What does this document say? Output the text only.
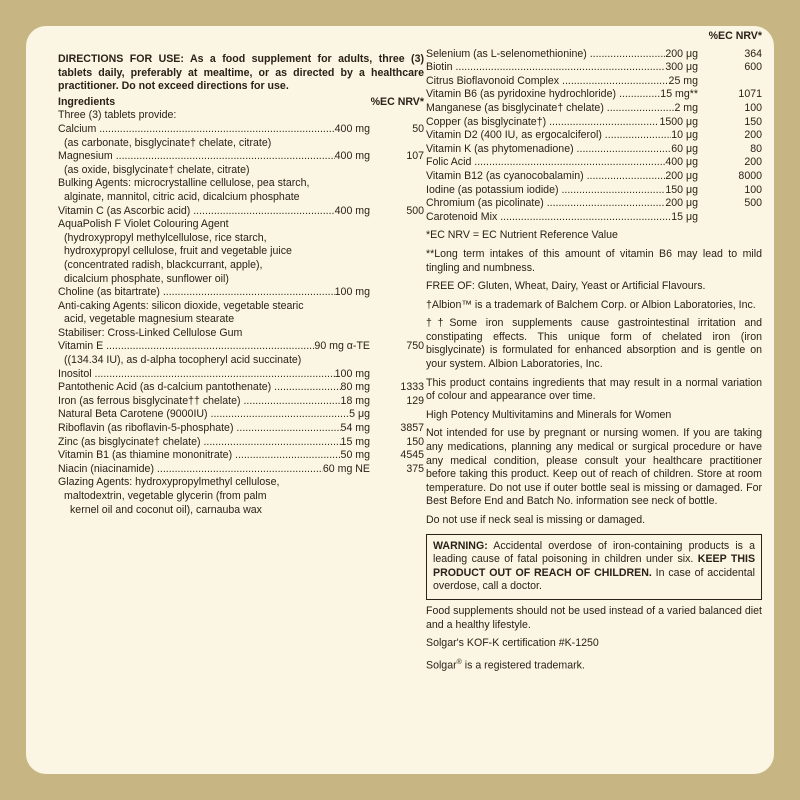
DIRECTIONS FOR USE: As a food supplement for adults, three (3) tablets daily, preferably at mealtime, or as directed by a healthcare practitioner. Do not exceed directions for use.
Ingredients	%EC NRV*
Three (3) tablets provide:
Calcium .....	400 mg	50
(as carbonate, bisglycinate† chelate, citrate)
Magnesium .....	400 mg	107
(as oxide, bisglycinate† chelate, citrate)
Bulking Agents: microcrystalline cellulose, pea starch,
alginate, mannitol, citric acid, dicalcium phosphate
Vitamin C (as Ascorbic acid) .....	400 mg	500
AquaPolish F Violet Colouring Agent
(hydroxypropyl methylcellulose, rice starch,
hydroxypropyl cellulose, fruit and vegetable juice
(concentrated radish, blackcurrant, apple),
dicalcium phosphate, sunflower oil)
Choline (as bitartrate) .....	100 mg
Anti-caking Agents: silicon dioxide, vegetable stearic
acid, vegetable magnesium stearate
Stabiliser: Cross-Linked Cellulose Gum
Vitamin E .....	90 mg α-TE	750
((134.34 IU), as d-alpha tocopheryl acid succinate)
Inositol .....	100 mg
Pantothenic Acid (as d-calcium pantothenate) .....	80 mg	1333
Iron (as ferrous bisglycinate†† chelate) .....	18 mg	129
Natural Beta Carotene (9000IU) .....	5 μg
Riboflavin (as riboflavin-5-phosphate) .....	54 mg	3857
Zinc (as bisglycinate† chelate) .....	15 mg	150
Vitamin B1 (as thiamine mononitrate) .....	50 mg	4545
Niacin (niacinamide) .....	60 mg NE	375
Glazing Agents: hydroxypropylmethyl cellulose,
maltodextrin, vegetable glycerin (from palm
kernel oil and coconut oil), carnauba wax
%EC NRV*
Selenium (as L-selenomethionine) .....	200 μg	364
Biotin .....	300 μg	600
Citrus Bioflavonoid Complex .....	25 mg
Vitamin B6 (as pyridoxine hydrochloride) .....	15 mg**	1071
Manganese (as bisglycinate† chelate) .....	2 mg	100
Copper (as bisglycinate†) .....	1500 μg	150
Vitamin D2 (400 IU, as ergocalciferol) .....	10 μg	200
Vitamin K (as phytomenadione) .....	60 μg	80
Folic Acid .....	400 μg	200
Vitamin B12 (as cyanocobalamin) .....	200 μg	8000
Iodine (as potassium iodide) .....	150 μg	100
Chromium (as picolinate) .....	200 μg	500
Carotenoid Mix .....	15 μg
*EC NRV = EC Nutrient Reference Value
**Long term intakes of this amount of vitamin B6 may lead to mild tingling and numbness.
FREE OF: Gluten, Wheat, Dairy, Yeast or Artificial Flavours.
†Albion™ is a trademark of Balchem Corp. or Albion Laboratories, Inc.
††Some iron supplements cause gastrointestinal irritation and constipating effects. This unique form of chelated iron (iron bisglycinate) is formulated for enhanced absorption and is gentle on your system. Albion Laboratories, Inc.
This product contains ingredients that may result in a normal variation of colour and appearance over time.
High Potency Multivitamins and Minerals for Women
Not intended for use by pregnant or nursing women. If you are taking any medications, planning any medical or surgical procedure or have any medical condition, please consult your healthcare practitioner before taking this product. Keep out of reach of children. Store at room temperature. Do not use if outer bottle seal is missing or damaged. For Best Before End and Batch No. information see neck of bottle.
Do not use if neck seal is missing or damaged.
WARNING: Accidental overdose of iron-containing products is a leading cause of fatal poisoning in children under six. KEEP THIS PRODUCT OUT OF REACH OF CHILDREN. In case of accidental overdose, call a doctor.
Food supplements should not be used instead of a varied balanced diet and a healthy lifestyle.
Solgar's KOF-K certification #K-1250
Solgar® is a registered trademark.
